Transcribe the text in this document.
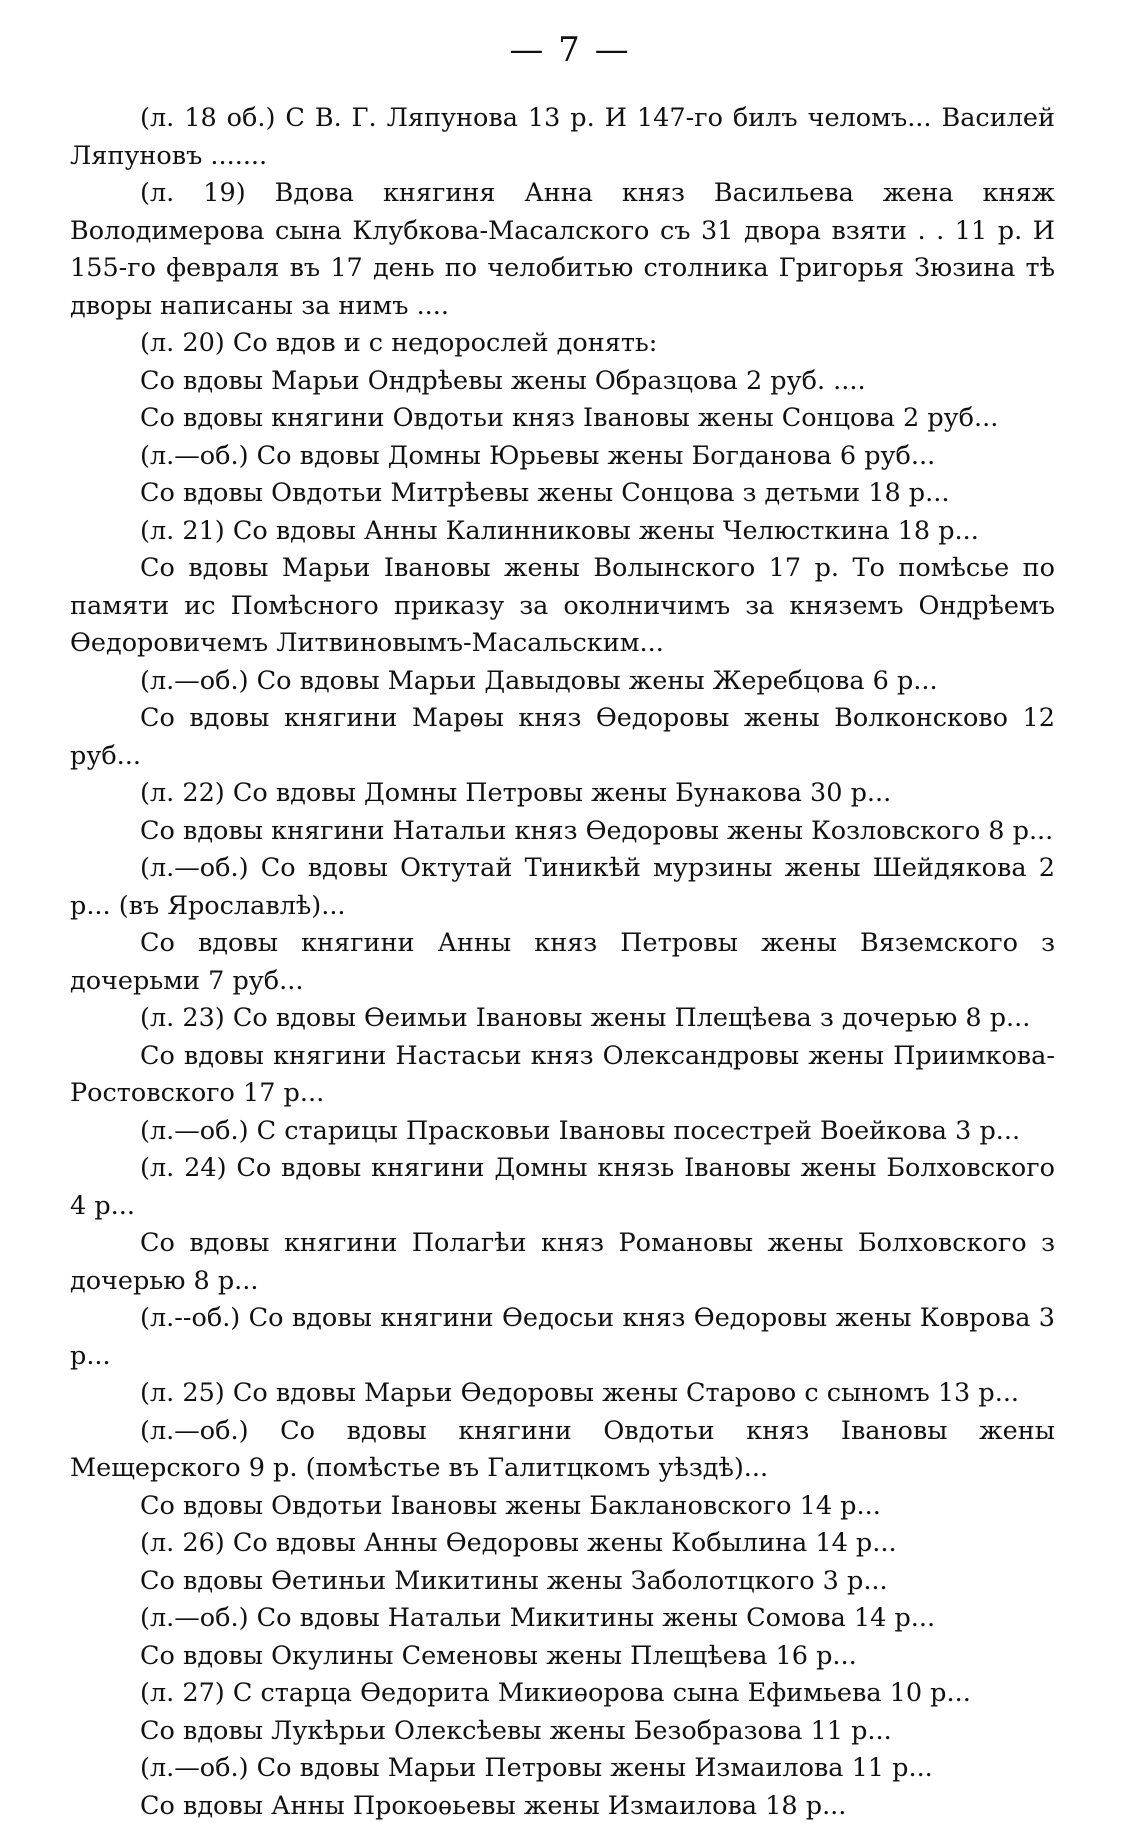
— 7 —

(л. 18 об.) С В. Г. Ляпунова 13 р. И 147-го билъ челомъ... Василей Ляпуновъ .......

(л. 19) Вдова княгиня Анна княз Васильева жена княж Володимерова сына Клубкова-Масалского съ 31 двора взяти . . 11 р. И 155-го февраля въ 17 день по челобитью столника Григорья Зюзина тѣ дворы написаны за нимъ ....

(л. 20) Со вдов и с недорослей донять:

Со вдовы Марьи Ондрѣевы жены Образцова 2 руб. ....

Со вдовы княгини Овдотьи княз Івановы жены Сонцова 2 руб...

(л.—об.) Со вдовы Домны Юрьевы жены Богданова 6 руб...

Со вдовы Овдотьи Митрѣевы жены Сонцова з детьми 18 р...

(л. 21) Со вдовы Анны Калинниковы жены Челюсткина 18 р...

Со вдовы Марьи Івановы жены Волынского 17 р. То помѣсье по памяти ис Помѣсного приказу за околничимъ за княземъ Ондрѣемъ Ѳедоровичемъ Литвиновымъ-Масальским...

(л.—об.) Со вдовы Марьи Давыдовы жены Жеребцова 6 р...

Со вдовы княгини Марѳы княз Ѳедоровы жены Волконсково 12 руб...

(л. 22) Со вдовы Домны Петровы жены Бунакова 30 р...

Со вдовы княгини Натальи княз Ѳедоровы жены Козловского 8 р...

(л.—об.) Со вдовы Октутай Тиникѣй мурзины жены Шейдякова 2 р... (въ Ярославлѣ)...

Со вдовы княгини Анны княз Петровы жены Вяземского з дочерьми 7 руб...

(л. 23) Со вдовы Ѳеимьи Івановы жены Плещѣева з дочерью 8 р...

Со вдовы княгини Настасьи княз Олександровы жены Приимкова-Ростовского 17 р...

(л.—об.) С старицы Прасковьи Івановы посестрей Воейкова 3 р...

(л. 24) Со вдовы княгини Домны князь Івановы жены Болховского 4 р...

Со вдовы княгини Полагѣи княз Романовы жены Болховского з дочерью 8 р...

(л.--об.) Со вдовы княгини Ѳедосьи княз Ѳедоровы жены Коврова 3 р...

(л. 25) Со вдовы Марьи Ѳедоровы жены Старово с сыномъ 13 р...

(л.—об.) Со вдовы княгини Овдотьи княз Івановы жены Мещерского 9 р. (помѣстье въ Галитцкомъ уѣздѣ)...

Со вдовы Овдотьи Івановы жены Баклановского 14 р...

(л. 26) Со вдовы Анны Ѳедоровы жены Кобылина 14 р...

Со вдовы Ѳетиньи Микитины жены Заболотцкого 3 р...

(л.—об.) Со вдовы Натальи Микитины жены Сомова 14 р...

Со вдовы Окулины Семеновы жены Плещѣева 16 р...

(л. 27) С старца Ѳедорита Микиѳорова сына Ефимьева 10 р...

Со вдовы Лукѣрьи Олексѣевы жены Безобразова 11 р...

(л.—об.) Со вдовы Марьи Петровы жены Измаилова 11 р...

Со вдовы Анны Прокоѳьевы жены Измаилова 18 р...
